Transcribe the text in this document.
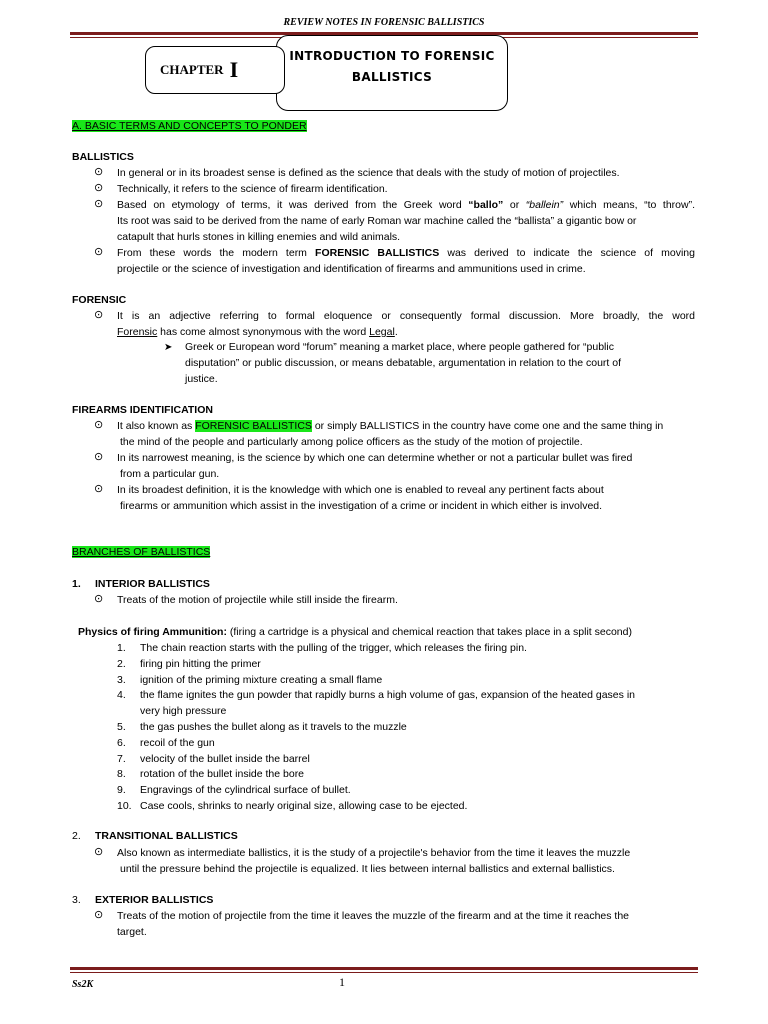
REVIEW NOTES IN FORENSIC BALLISTICS
INTRODUCTION TO FORENSIC
BALLISTICS
CHAPTER I
A. BASIC TERMS AND CONCEPTS TO PONDER
BALLISTICS
⊙ In general or in its broadest sense is defined as the science that deals with the study of motion of projectiles.
⊙ Technically, it refers to the science of firearm identification.
⊙ Based on etymology of terms, it was derived from the Greek word “ballo” or “ballein” which means, “to throw”.
Its root was said to be derived from the name of early Roman war machine called the “ballista” a gigantic bow or
catapult that hurls stones in killing enemies and wild animals.
⊙ From these words the modern term FORENSIC BALLISTICS was derived to indicate the science of moving
projectile or the science of investigation and identification of firearms and ammunitions used in crime.
FORENSIC
⊙ It is an adjective referring to formal eloquence or consequently formal discussion. More broadly, the word
Forensic has come almost synonymous with the word Legal.
➤ Greek or European word “forum” meaning a market place, where people gathered for “public
disputation” or public discussion, or means debatable, argumentation in relation to the court of
justice.
FIREARMS IDENTIFICATION
⊙ It also known as FORENSIC BALLISTICS or simply BALLISTICS in the country have come one and the same thing in
the mind of the people and particularly among police officers as the study of the motion of projectile.
⊙ In its narrowest meaning, is the science by which one can determine whether or not a particular bullet was fired
from a particular gun.
⊙ In its broadest definition, it is the knowledge with which one is enabled to reveal any pertinent facts about
firearms or ammunition which assist in the investigation of a crime or incident in which either is involved.
BRANCHES OF BALLISTICS
1. INTERIOR BALLISTICS
⊙ Treats of the motion of projectile while still inside the firearm.
Physics of firing Ammunition: (firing a cartridge is a physical and chemical reaction that takes place in a split second)
1. The chain reaction starts with the pulling of the trigger, which releases the firing pin.
2. firing pin hitting the primer
3. ignition of the priming mixture creating a small flame
4. the flame ignites the gun powder that rapidly burns a high volume of gas, expansion of the heated gases in
very high pressure
5. the gas pushes the bullet along as it travels to the muzzle
6. recoil of the gun
7. velocity of the bullet inside the barrel
8. rotation of the bullet inside the bore
9. Engravings of the cylindrical surface of bullet.
10. Case cools, shrinks to nearly original size, allowing case to be ejected.
2. TRANSITIONAL BALLISTICS
⊙ Also known as intermediate ballistics, it is the study of a projectile's behavior from the time it leaves the muzzle
until the pressure behind the projectile is equalized. It lies between internal ballistics and external ballistics.
3. EXTERIOR BALLISTICS
⊙ Treats of the motion of projectile from the time it leaves the muzzle of the firearm and at the time it reaches the
target.
Ss2K	1
